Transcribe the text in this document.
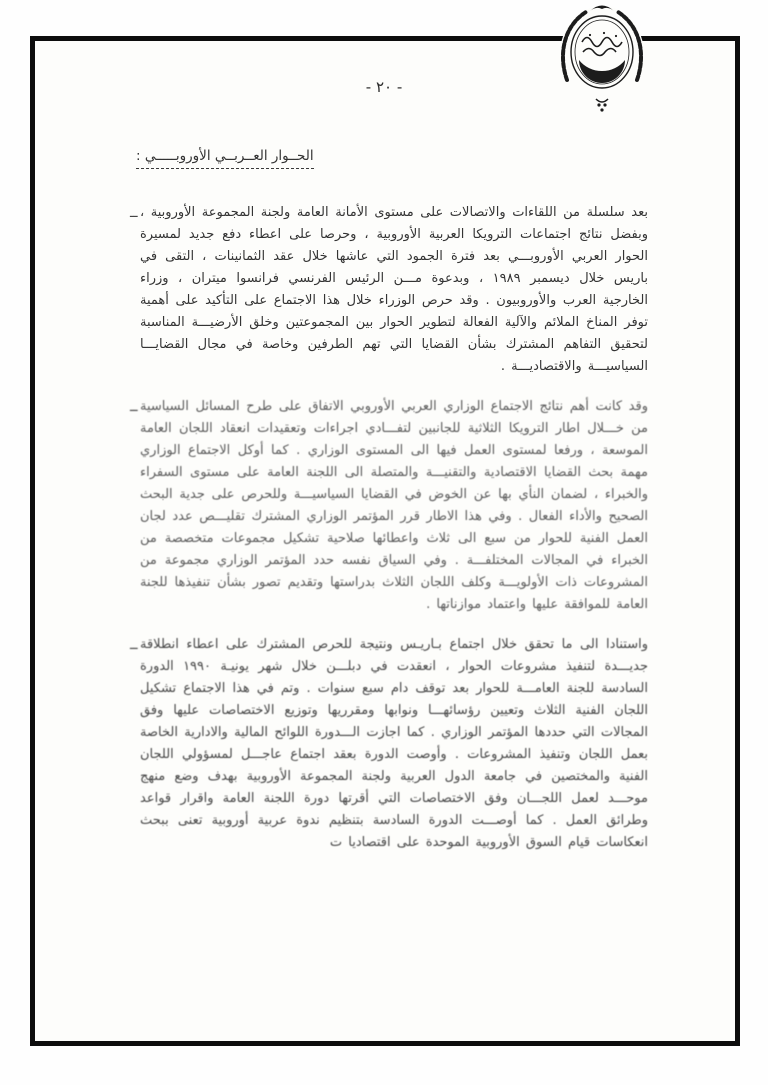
- ٢٠ -
الحــوار العــربــي الأوروبـــــي :
ــ بعد سلسلة من اللقاءات والاتصالات على مستوى الأمانة العامة ولجنة المجموعة الأوروبية ، وبفضل نتائج اجتماعات الترويكا العربية الأوروبية ، وحرصا على اعطاء دفع جديد لمسيرة الحوار العربي الأوروبـــي بعد فترة الجمود التي عاشها خلال عقد الثمانينات ، التقى في باريس خلال ديسمبر ١٩٨٩ ، وبدعوة مـــن الرئيس الفرنسي فرانسوا ميتران ، وزراء الخارجية العرب والأوروبيون . وقد حرص الوزراء خلال هذا الاجتماع على التأكيد على أهمية توفر المناخ الملائم والآلية الفعالة لتطوير الحوار بين المجموعتين وخلق الأرضيـــة المناسبة لتحقيق التفاهم المشترك بشأن القضايا التي تهم الطرفين وخاصة في مجال القضايـــا السياسيـــة والاقتصاديـــة .
ــ وقد كانت أهم نتائج الاجتماع الوزاري العربي الأوروبي الاتفاق على طرح المسائل السياسية من خـــلال اطار الترويكا الثلاثية للجانبين لتفـــادي اجراءات وتعقيدات انعقاد اللجان العامة الموسعة ، ورفعا لمستوى العمل فيها الى المستوى الوزاري . كما أوكل الاجتماع الوزاري مهمة بحث القضايا الاقتصادية والتقنيـــة والمتصلة الى اللجنة العامة على مستوى السفراء والخبراء ، لضمان النأي بها عن الخوض في القضايا السياسيـــة وللحرص على جدية البحث الصحيح والأداء الفعال . وفي هذا الاطار قرر المؤتمر الوزاري المشترك تقليـــص عدد لجان العمل الفنية للحوار من سبع الى ثلاث واعطائها صلاحية تشكيل مجموعات متخصصة من الخبراء في المجالات المختلفـــة . وفي السياق نفسه حدد المؤتمر الوزاري مجموعة من المشروعات ذات الأولويـــة وكلف اللجان الثلاث بدراستها وتقديم تصور بشأن تنفيذها للجنة العامة للموافقة عليها واعتماد موازناتها .
ــ واستنادا الى ما تحقق خلال اجتماع بـاريـس ونتيجة للحرص المشترك على اعطاء انطلاقة جديـــدة لتنفيذ مشروعات الحوار ، انعقدت في دبلـــن خلال شهر يونيـة ١٩٩٠ الدورة السادسة للجنة العامـــة للحوار بعد توقف دام سبع سنوات . وتم في هذا الاجتماع تشكيل اللجان الفنية الثلاث وتعيين رؤسائهـــا ونوابها ومقرريها وتوزيع الاختصاصات عليها وفق المجالات التي حددها المؤتمر الوزاري . كما اجازت الـــدورة اللوائح المالية والادارية الخاصة بعمل اللجان وتنفيذ المشروعات . وأوصت الدورة بعقد اجتماع عاجـــل لمسؤولي اللجان الفنية والمختصين في جامعة الدول العربية ولجنة المجموعة الأوروبية بهدف وضع منهج موحـــد لعمل اللجـــان وفق الاختصاصات التي أقرتها دورة اللجنة العامة واقرار قواعد وطرائق العمل . كما أوصـــت الدورة السادسة بتنظيم ندوة عربية أوروبية تعنى ببحث انعكاسات قيام السوق الأوروبية الموحدة على اقتصاديا ت
